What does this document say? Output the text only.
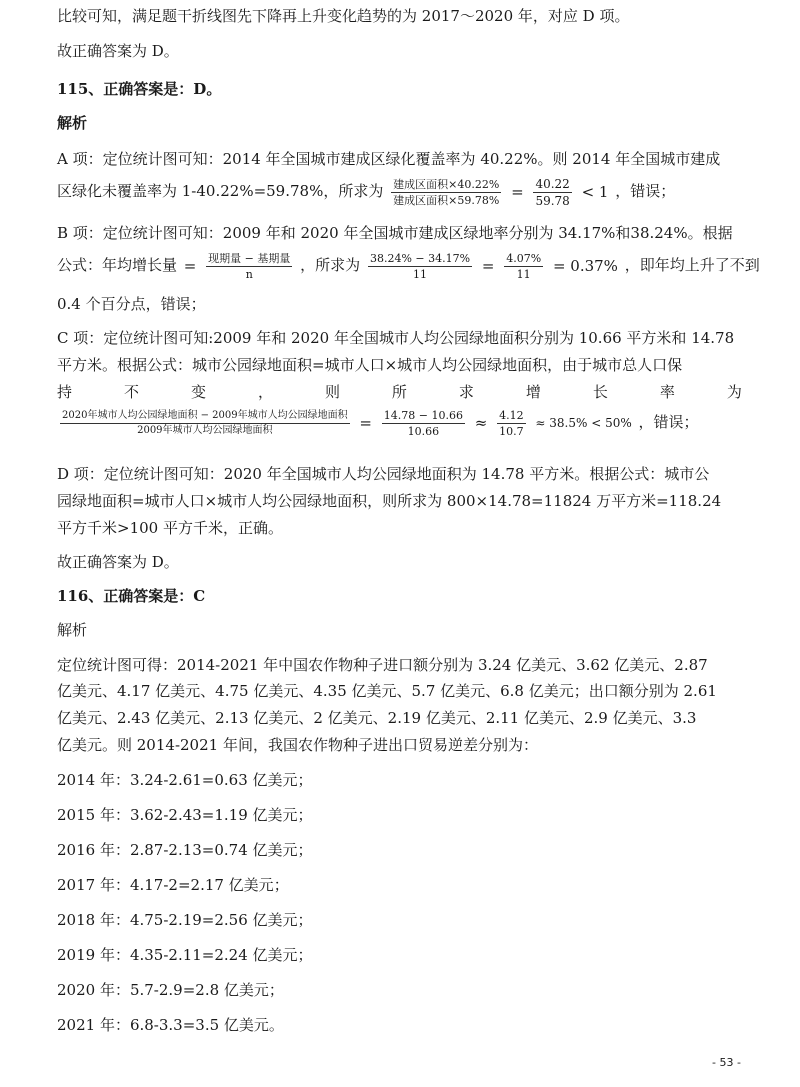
比较可知，满足题干折线图先下降再上升变化趋势的为 2017～2020 年，对应 D 项。
故正确答案为 D。
115、正确答案是：D。
解析
A 项：定位统计图可知：2014 年全国城市建成区绿化覆盖率为 40.22%。则 2014 年全国城市建成
区绿化未覆盖率为 1-40.22%=59.78%，所求为 $\frac{\text{建成区面积×40.22\%}}{\text{建成区面积×59.78\%}} = \frac{40.22}{59.78} < 1$ ，错误；
B 项：定位统计图可知：2009 年和 2020 年全国城市建成区绿地率分别为 34.17%和38.24%。根据
公式：年均增长量 = $\frac{\text{现期量 − 基期量}}{n}$ ，所求为 $\frac{38.24\% - 34.17\%}{11} = \frac{4.07\%}{11} = 0.37\%$ ，即年均上升了不到
0.4 个百分点，错误；
C 项：定位统计图可知:2009 年和 2020 年全国城市人均公园绿地面积分别为 10.66 平方米和 14.78
平方米。根据公式：城市公园绿地面积=城市人口×城市人均公园绿地面积，由于城市总人口保
持	不	变	，	则	所	求	增	长	率	为
$\frac{\text{2020年城市人均公园绿地面积 − 2009年城市人均公园绿地面积}}{\text{2009年城市人均公园绿地面积}} = \frac{14.78 - 10.66}{10.66} \approx \frac{4.12}{10.7} \approx 38.5\% < 50\%$ ，错误；
D 项：定位统计图可知：2020 年全国城市人均公园绿地面积为 14.78 平方米。根据公式：城市公
园绿地面积=城市人口×城市人均公园绿地面积，则所求为 800×14.78=11824 万平方米=118.24
平方千米>100 平方千米，正确。
故正确答案为 D。
116、正确答案是：C
解析
定位统计图可得：2014-2021 年中国农作物种子进口额分别为 3.24 亿美元、3.62 亿美元、2.87
亿美元、4.17 亿美元、4.75 亿美元、4.35 亿美元、5.7 亿美元、6.8 亿美元；出口额分别为 2.61
亿美元、2.43 亿美元、2.13 亿美元、2 亿美元、2.19 亿美元、2.11 亿美元、2.9 亿美元、3.3
亿美元。则 2014-2021 年间，我国农作物种子进出口贸易逆差分别为：
2014 年：3.24-2.61=0.63 亿美元；
2015 年：3.62-2.43=1.19 亿美元；
2016 年：2.87-2.13=0.74 亿美元；
2017 年：4.17-2=2.17 亿美元；
2018 年：4.75-2.19=2.56 亿美元；
2019 年：4.35-2.11=2.24 亿美元；
2020 年：5.7-2.9=2.8 亿美元；
2021 年：6.8-3.3=3.5 亿美元。
- 53 -
